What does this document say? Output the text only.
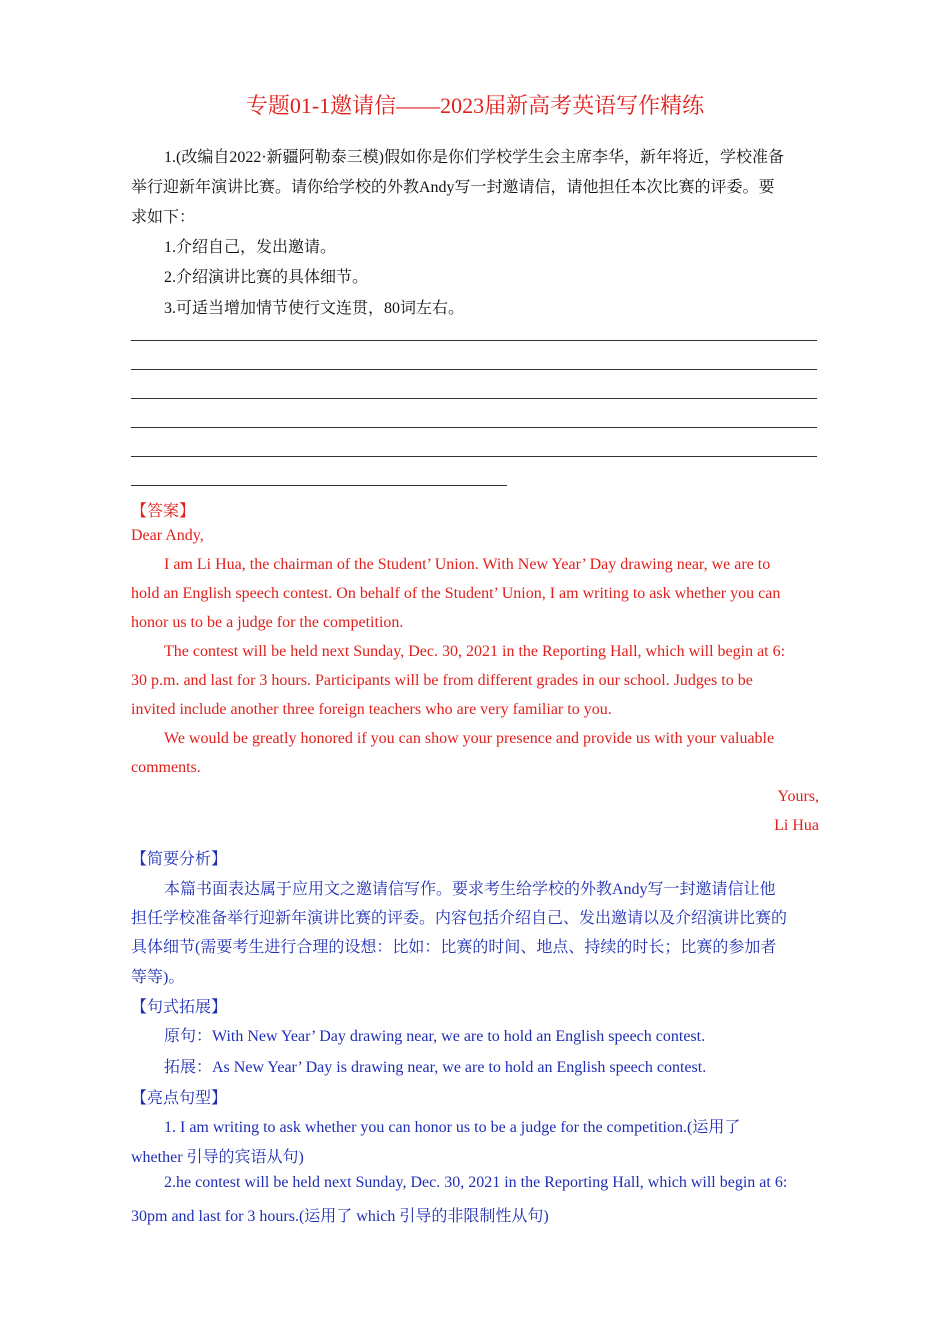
专题01-1邀请信——2023届新高考英语写作精练

1.(改编自2022·新疆阿勒泰三模)假如你是你们学校学生会主席李华，新年将近，学校准备

举行迎新年演讲比赛。请你给学校的外教Andy写一封邀请信，请他担任本次比赛的评委。要

求如下：

1.介绍自己，发出邀请。

2.介绍演讲比赛的具体细节。

3.可适当增加情节使行文连贯，80词左右。

【答案】

Dear Andy,

I am Li Hua, the chairman of the Student’ Union. With New Year’ Day drawing near, we are to

hold an English speech contest. On behalf of the Student’ Union, I am writing to ask whether you can

honor us to be a judge for the competition.

The contest will be held next Sunday, Dec. 30, 2021 in the Reporting Hall, which will begin at 6:

30 p.m. and last for 3 hours. Participants will be from different grades in our school. Judges to be

invited include another three foreign teachers who are very familiar to you.

We would be greatly honored if you can show your presence and provide us with your valuable

comments.

Yours,

Li Hua

【简要分析】

本篇书面表达属于应用文之邀请信写作。要求考生给学校的外教Andy写一封邀请信让他

担任学校准备举行迎新年演讲比赛的评委。内容包括介绍自己、发出邀请以及介绍演讲比赛的

具体细节(需要考生进行合理的设想：比如：比赛的时间、地点、持续的时长；比赛的参加者

等等)。

【句式拓展】

原句：With New Year’ Day drawing near, we are to hold an English speech contest.

拓展：As New Year’ Day is drawing near, we are to hold an English speech contest.

【亮点句型】

1. I am writing to ask whether you can honor us to be a judge for the competition.(运用了

whether 引导的宾语从句)

2.he contest will be held next Sunday, Dec. 30, 2021 in the Reporting Hall, which will begin at 6:

30pm and last for 3 hours.(运用了 which 引导的非限制性从句)
